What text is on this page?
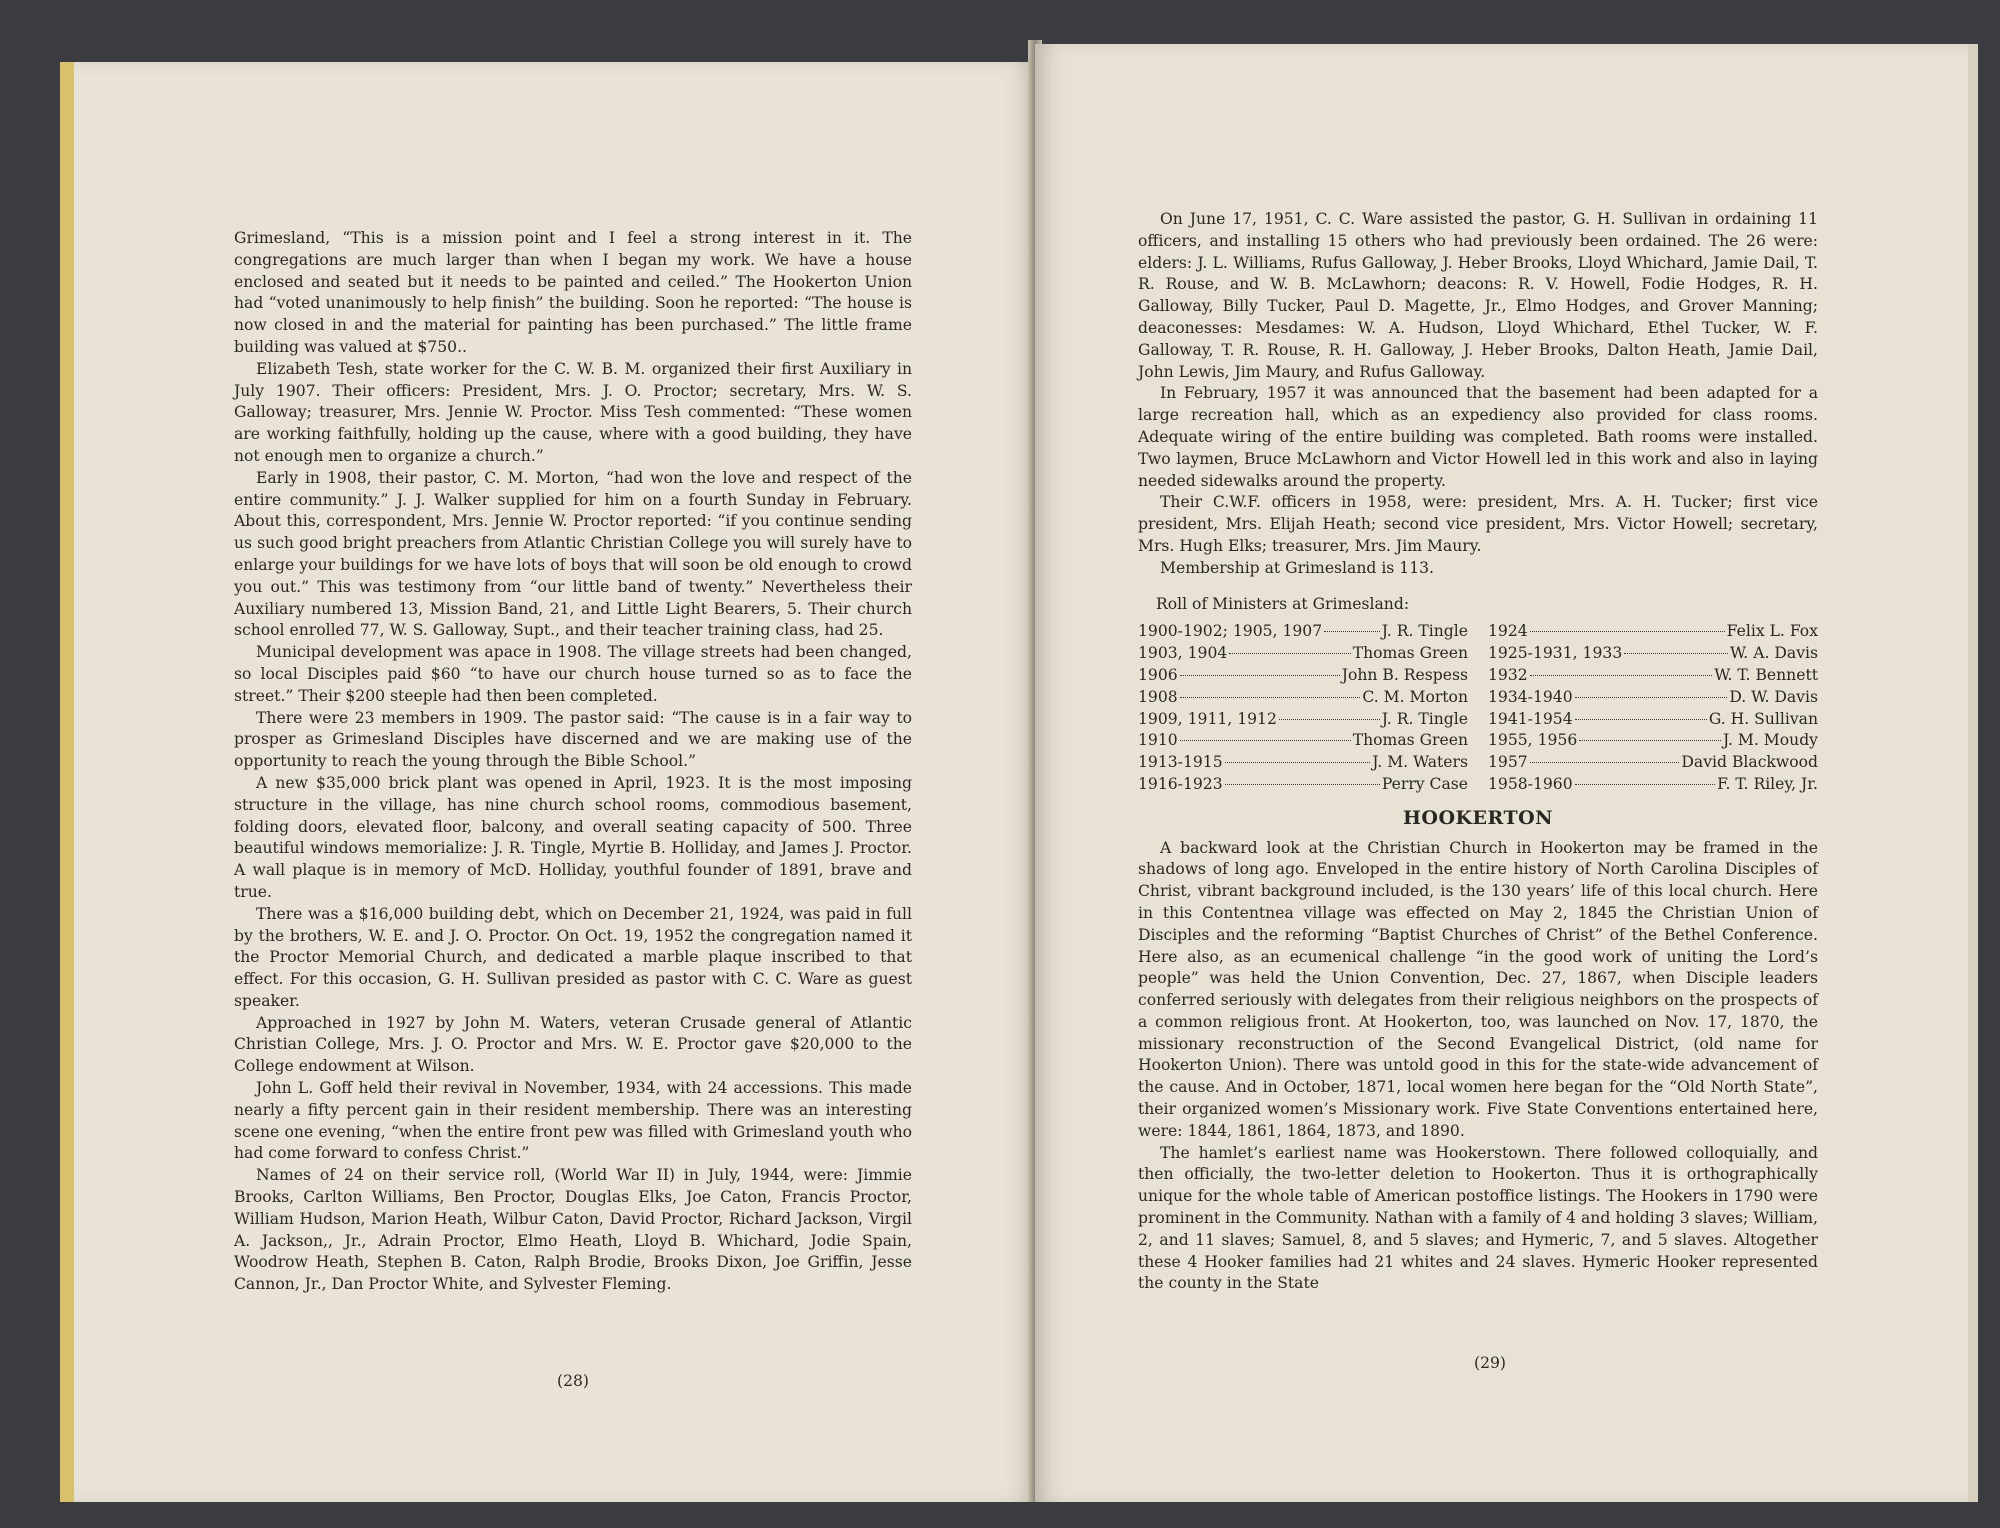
Grimesland, “This is a mission point and I feel a strong interest in it. The congregations are much larger than when I began my work. We have a house enclosed and seated but it needs to be painted and ceiled.” The Hookerton Union had “voted unanimously to help finish” the building. Soon he reported: “The house is now closed in and the material for painting has been purchased.” The little frame building was valued at $750..

Elizabeth Tesh, state worker for the C. W. B. M. organized their first Auxiliary in July 1907. Their officers: President, Mrs. J. O. Proctor; secretary, Mrs. W. S. Galloway; treasurer, Mrs. Jennie W. Proctor. Miss Tesh commented: “These women are working faithfully, holding up the cause, where with a good building, they have not enough men to organize a church.”

Early in 1908, their pastor, C. M. Morton, “had won the love and respect of the entire community.” J. J. Walker supplied for him on a fourth Sunday in February. About this, correspondent, Mrs. Jennie W. Proctor reported: “if you continue sending us such good bright preachers from Atlantic Christian College you will surely have to enlarge your buildings for we have lots of boys that will soon be old enough to crowd you out.” This was testimony from “our little band of twenty.” Nevertheless their Auxiliary numbered 13, Mission Band, 21, and Little Light Bearers, 5. Their church school enrolled 77, W. S. Galloway, Supt., and their teacher training class, had 25.

Municipal development was apace in 1908. The village streets had been changed, so local Disciples paid $60 “to have our church house turned so as to face the street.” Their $200 steeple had then been completed.

There were 23 members in 1909. The pastor said: “The cause is in a fair way to prosper as Grimesland Disciples have discerned and we are making use of the opportunity to reach the young through the Bible School.”

A new $35,000 brick plant was opened in April, 1923. It is the most imposing structure in the village, has nine church school rooms, commodious basement, folding doors, elevated floor, balcony, and overall seating capacity of 500. Three beautiful windows memorialize: J. R. Tingle, Myrtie B. Holliday, and James J. Proctor. A wall plaque is in memory of McD. Holliday, youthful founder of 1891, brave and true.

There was a $16,000 building debt, which on December 21, 1924, was paid in full by the brothers, W. E. and J. O. Proctor. On Oct. 19, 1952 the congregation named it the Proctor Memorial Church, and dedicated a marble plaque inscribed to that effect. For this occasion, G. H. Sullivan presided as pastor with C. C. Ware as guest speaker.

Approached in 1927 by John M. Waters, veteran Crusade general of Atlantic Christian College, Mrs. J. O. Proctor and Mrs. W. E. Proctor gave $20,000 to the College endowment at Wilson.

John L. Goff held their revival in November, 1934, with 24 accessions. This made nearly a fifty percent gain in their resident membership. There was an interesting scene one evening, “when the entire front pew was filled with Grimesland youth who had come forward to confess Christ.”

Names of 24 on their service roll, (World War II) in July, 1944, were: Jimmie Brooks, Carlton Williams, Ben Proctor, Douglas Elks, Joe Caton, Francis Proctor, William Hudson, Marion Heath, Wilbur Caton, David Proctor, Richard Jackson, Virgil A. Jackson,, Jr., Adrain Proctor, Elmo Heath, Lloyd B. Whichard, Jodie Spain, Woodrow Heath, Stephen B. Caton, Ralph Brodie, Brooks Dixon, Joe Griffin, Jesse Cannon, Jr., Dan Proctor White, and Sylvester Fleming.

(28)

On June 17, 1951, C. C. Ware assisted the pastor, G. H. Sullivan in ordaining 11 officers, and installing 15 others who had previously been ordained. The 26 were: elders: J. L. Williams, Rufus Galloway, J. Heber Brooks, Lloyd Whichard, Jamie Dail, T. R. Rouse, and W. B. McLawhorn; deacons: R. V. Howell, Fodie Hodges, R. H. Galloway, Billy Tucker, Paul D. Magette, Jr., Elmo Hodges, and Grover Manning; deaconesses: Mesdames: W. A. Hudson, Lloyd Whichard, Ethel Tucker, W. F. Galloway, T. R. Rouse, R. H. Galloway, J. Heber Brooks, Dalton Heath, Jamie Dail, John Lewis, Jim Maury, and Rufus Galloway.

In February, 1957 it was announced that the basement had been adapted for a large recreation hall, which as an expediency also provided for class rooms. Adequate wiring of the entire building was completed. Bath rooms were installed. Two laymen, Bruce McLawhorn and Victor Howell led in this work and also in laying needed sidewalks around the property.

Their C.W.F. officers in 1958, were: president, Mrs. A. H. Tucker; first vice president, Mrs. Elijah Heath; second vice president, Mrs. Victor Howell; secretary, Mrs. Hugh Elks; treasurer, Mrs. Jim Maury.

Membership at Grimesland is 113.

Roll of Ministers at Grimesland:

1900-1902; 1905, 1907	J. R. Tingle
1903, 1904	Thomas Green
1906	John B. Respess
1908	C. M. Morton
1909, 1911, 1912	J. R. Tingle
1910	Thomas Green
1913-1915	J. M. Waters
1916-1923	Perry Case
1924	Felix L. Fox
1925-1931, 1933	W. A. Davis
1932	W. T. Bennett
1934-1940	D. W. Davis
1941-1954	G. H. Sullivan
1955, 1956	J. M. Moudy
1957	David Blackwood
1958-1960	F. T. Riley, Jr.
HOOKERTON

A backward look at the Christian Church in Hookerton may be framed in the shadows of long ago. Enveloped in the entire history of North Carolina Disciples of Christ, vibrant background included, is the 130 years’ life of this local church. Here in this Contentnea village was effected on May 2, 1845 the Christian Union of Disciples and the reforming “Baptist Churches of Christ” of the Bethel Conference. Here also, as an ecumenical challenge “in the good work of uniting the Lord’s people” was held the Union Convention, Dec. 27, 1867, when Disciple leaders conferred seriously with delegates from their religious neighbors on the prospects of a common religious front. At Hookerton, too, was launched on Nov. 17, 1870, the missionary reconstruction of the Second Evangelical District, (old name for Hookerton Union). There was untold good in this for the state-wide advancement of the cause. And in October, 1871, local women here began for the “Old North State”, their organized women’s Missionary work. Five State Conventions entertained here, were: 1844, 1861, 1864, 1873, and 1890.

The hamlet’s earliest name was Hookerstown. There followed colloquially, and then officially, the two-letter deletion to Hookerton. Thus it is orthographically unique for the whole table of American postoffice listings. The Hookers in 1790 were prominent in the Community. Nathan with a family of 4 and holding 3 slaves; William, 2, and 11 slaves; Samuel, 8, and 5 slaves; and Hymeric, 7, and 5 slaves. Altogether these 4 Hooker families had 21 whites and 24 slaves. Hymeric Hooker represented the county in the State

(29)
